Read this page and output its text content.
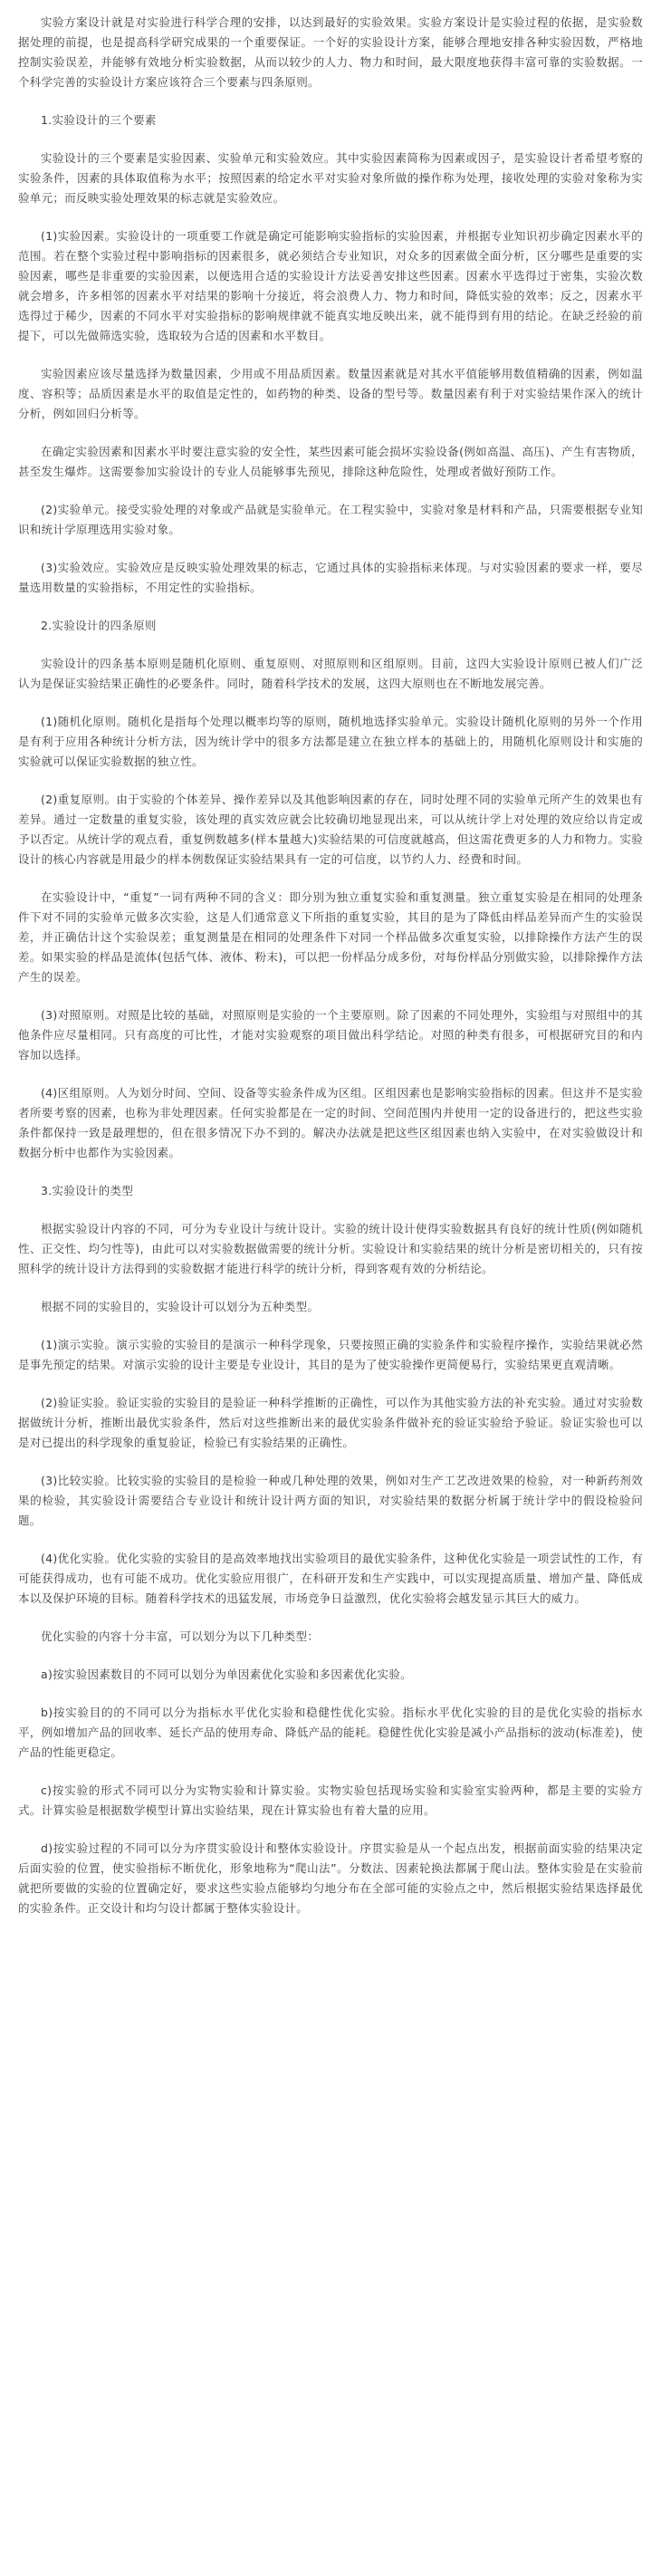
实验方案设计就是对实验进行科学合理的安排，以达到最好的实验效果。实验方案设计是实验过程的依据，是实验数据处理的前提，也是提高科学研究成果的一个重要保证。一个好的实验设计方案，能够合理地安排各种实验因数，严格地控制实验误差，并能够有效地分析实验数据，从而以较少的人力、物力和时间，最大限度地获得丰富可靠的实验数据。一个科学完善的实验设计方案应该符合三个要素与四条原则。
1.实验设计的三个要素
实验设计的三个要素是实验因素、实验单元和实验效应。其中实验因素简称为因素或因子，是实验设计者希望考察的实验条件，因素的具体取值称为水平；按照因素的给定水平对实验对象所做的操作称为处理，接收处理的实验对象称为实验单元；而反映实验处理效果的标志就是实验效应。
(1)实验因素。实验设计的一项重要工作就是确定可能影响实验指标的实验因素，并根据专业知识初步确定因素水平的范围。若在整个实验过程中影响指标的因素很多，就必须结合专业知识，对众多的因素做全面分析，区分哪些是重要的实验因素，哪些是非重要的实验因素，以便选用合适的实验设计方法妥善安排这些因素。因素水平选得过于密集，实验次数就会增多，许多相邻的因素水平对结果的影响十分接近，将会浪费人力、物力和时间，降低实验的效率；反之，因素水平选得过于稀少，因素的不同水平对实验指标的影响规律就不能真实地反映出来，就不能得到有用的结论。在缺乏经验的前提下，可以先做筛选实验，选取较为合适的因素和水平数目。
实验因素应该尽量选择为数量因素，少用或不用品质因素。数量因素就是对其水平值能够用数值精确的因素，例如温度、容积等；品质因素是水平的取值是定性的，如药物的种类、设备的型号等。数量因素有利于对实验结果作深入的统计分析，例如回归分析等。
在确定实验因素和因素水平时要注意实验的安全性，某些因素可能会损坏实验设备(例如高温、高压)、产生有害物质，甚至发生爆炸。这需要参加实验设计的专业人员能够事先预见，排除这种危险性，处理或者做好预防工作。
(2)实验单元。接受实验处理的对象或产品就是实验单元。在工程实验中，实验对象是材料和产品，只需要根据专业知识和统计学原理选用实验对象。
(3)实验效应。实验效应是反映实验处理效果的标志，它通过具体的实验指标来体现。与对实验因素的要求一样，要尽量选用数量的实验指标，不用定性的实验指标。
2.实验设计的四条原则
实验设计的四条基本原则是随机化原则、重复原则、对照原则和区组原则。目前，这四大实验设计原则已被人们广泛认为是保证实验结果正确性的必要条件。同时，随着科学技术的发展，这四大原则也在不断地发展完善。
(1)随机化原则。随机化是指每个处理以概率均等的原则，随机地选择实验单元。实验设计随机化原则的另外一个作用是有利于应用各种统计分析方法，因为统计学中的很多方法都是建立在独立样本的基础上的，用随机化原则设计和实施的实验就可以保证实验数据的独立性。
(2)重复原则。由于实验的个体差异、操作差异以及其他影响因素的存在，同时处理不同的实验单元所产生的效果也有差异。通过一定数量的重复实验，该处理的真实效应就会比较确切地显现出来，可以从统计学上对处理的效应给以肯定或予以否定。从统计学的观点看，重复例数越多(样本量越大)实验结果的可信度就越高，但这需花费更多的人力和物力。实验设计的核心内容就是用最少的样本例数保证实验结果具有一定的可信度，以节约人力、经费和时间。
在实验设计中，“重复”一词有两种不同的含义：即分别为独立重复实验和重复测量。独立重复实验是在相同的处理条件下对不同的实验单元做多次实验，这是人们通常意义下所指的重复实验，其目的是为了降低由样品差异而产生的实验误差，并正确估计这个实验误差；重复测量是在相同的处理条件下对同一个样品做多次重复实验，以排除操作方法产生的误差。如果实验的样品是流体(包括气体、液体、粉末)，可以把一份样品分成多份，对每份样品分别做实验，以排除操作方法产生的误差。
(3)对照原则。对照是比较的基础，对照原则是实验的一个主要原则。除了因素的不同处理外，实验组与对照组中的其他条件应尽量相同。只有高度的可比性，才能对实验观察的项目做出科学结论。对照的种类有很多，可根据研究目的和内容加以选择。
(4)区组原则。人为划分时间、空间、设备等实验条件成为区组。区组因素也是影响实验指标的因素。但这并不是实验者所要考察的因素，也称为非处理因素。任何实验都是在一定的时间、空间范围内并使用一定的设备进行的，把这些实验条件都保持一致是最理想的，但在很多情况下办不到的。解决办法就是把这些区组因素也纳入实验中，在对实验做设计和数据分析中也都作为实验因素。
3.实验设计的类型
根据实验设计内容的不同，可分为专业设计与统计设计。实验的统计设计使得实验数据具有良好的统计性质(例如随机性、正交性、均匀性等)，由此可以对实验数据做需要的统计分析。实验设计和实验结果的统计分析是密切相关的，只有按照科学的统计设计方法得到的实验数据才能进行科学的统计分析，得到客观有效的分析结论。
根据不同的实验目的，实验设计可以划分为五种类型。
(1)演示实验。演示实验的实验目的是演示一种科学现象，只要按照正确的实验条件和实验程序操作，实验结果就必然是事先预定的结果。对演示实验的设计主要是专业设计，其目的是为了使实验操作更简便易行，实验结果更直观清晰。
(2)验证实验。验证实验的实验目的是验证一种科学推断的正确性，可以作为其他实验方法的补充实验。通过对实验数据做统计分析，推断出最优实验条件，然后对这些推断出来的最优实验条件做补充的验证实验给予验证。验证实验也可以是对已提出的科学现象的重复验证，检验已有实验结果的正确性。
(3)比较实验。比较实验的实验目的是检验一种或几种处理的效果，例如对生产工艺改进效果的检验，对一种新药剂效果的检验，其实验设计需要结合专业设计和统计设计两方面的知识，对实验结果的数据分析属于统计学中的假设检验问题。
(4)优化实验。优化实验的实验目的是高效率地找出实验项目的最优实验条件，这种优化实验是一项尝试性的工作，有可能获得成功，也有可能不成功。优化实验应用很广，在科研开发和生产实践中，可以实现提高质量、增加产量、降低成本以及保护环境的目标。随着科学技术的迅猛发展，市场竞争日益激烈，优化实验将会越发显示其巨大的威力。
优化实验的内容十分丰富，可以划分为以下几种类型：
a)按实验因素数目的不同可以划分为单因素优化实验和多因素优化实验。
b)按实验目的的不同可以分为指标水平优化实验和稳健性优化实验。指标水平优化实验的目的是优化实验的指标水平，例如增加产品的回收率、延长产品的使用寿命、降低产品的能耗。稳健性优化实验是减小产品指标的波动(标准差)，使产品的性能更稳定。
c)按实验的形式不同可以分为实物实验和计算实验。实物实验包括现场实验和实验室实验两种，都是主要的实验方式。计算实验是根据数学模型计算出实验结果，现在计算实验也有着大量的应用。
d)按实验过程的不同可以分为序贯实验设计和整体实验设计。序贯实验是从一个起点出发，根据前面实验的结果决定后面实验的位置，使实验指标不断优化，形象地称为“爬山法”。分数法、因素轮换法都属于爬山法。整体实验是在实验前就把所要做的实验的位置确定好，要求这些实验点能够均匀地分布在全部可能的实验点之中，然后根据实验结果选择最优的实验条件。正交设计和均匀设计都属于整体实验设计。
